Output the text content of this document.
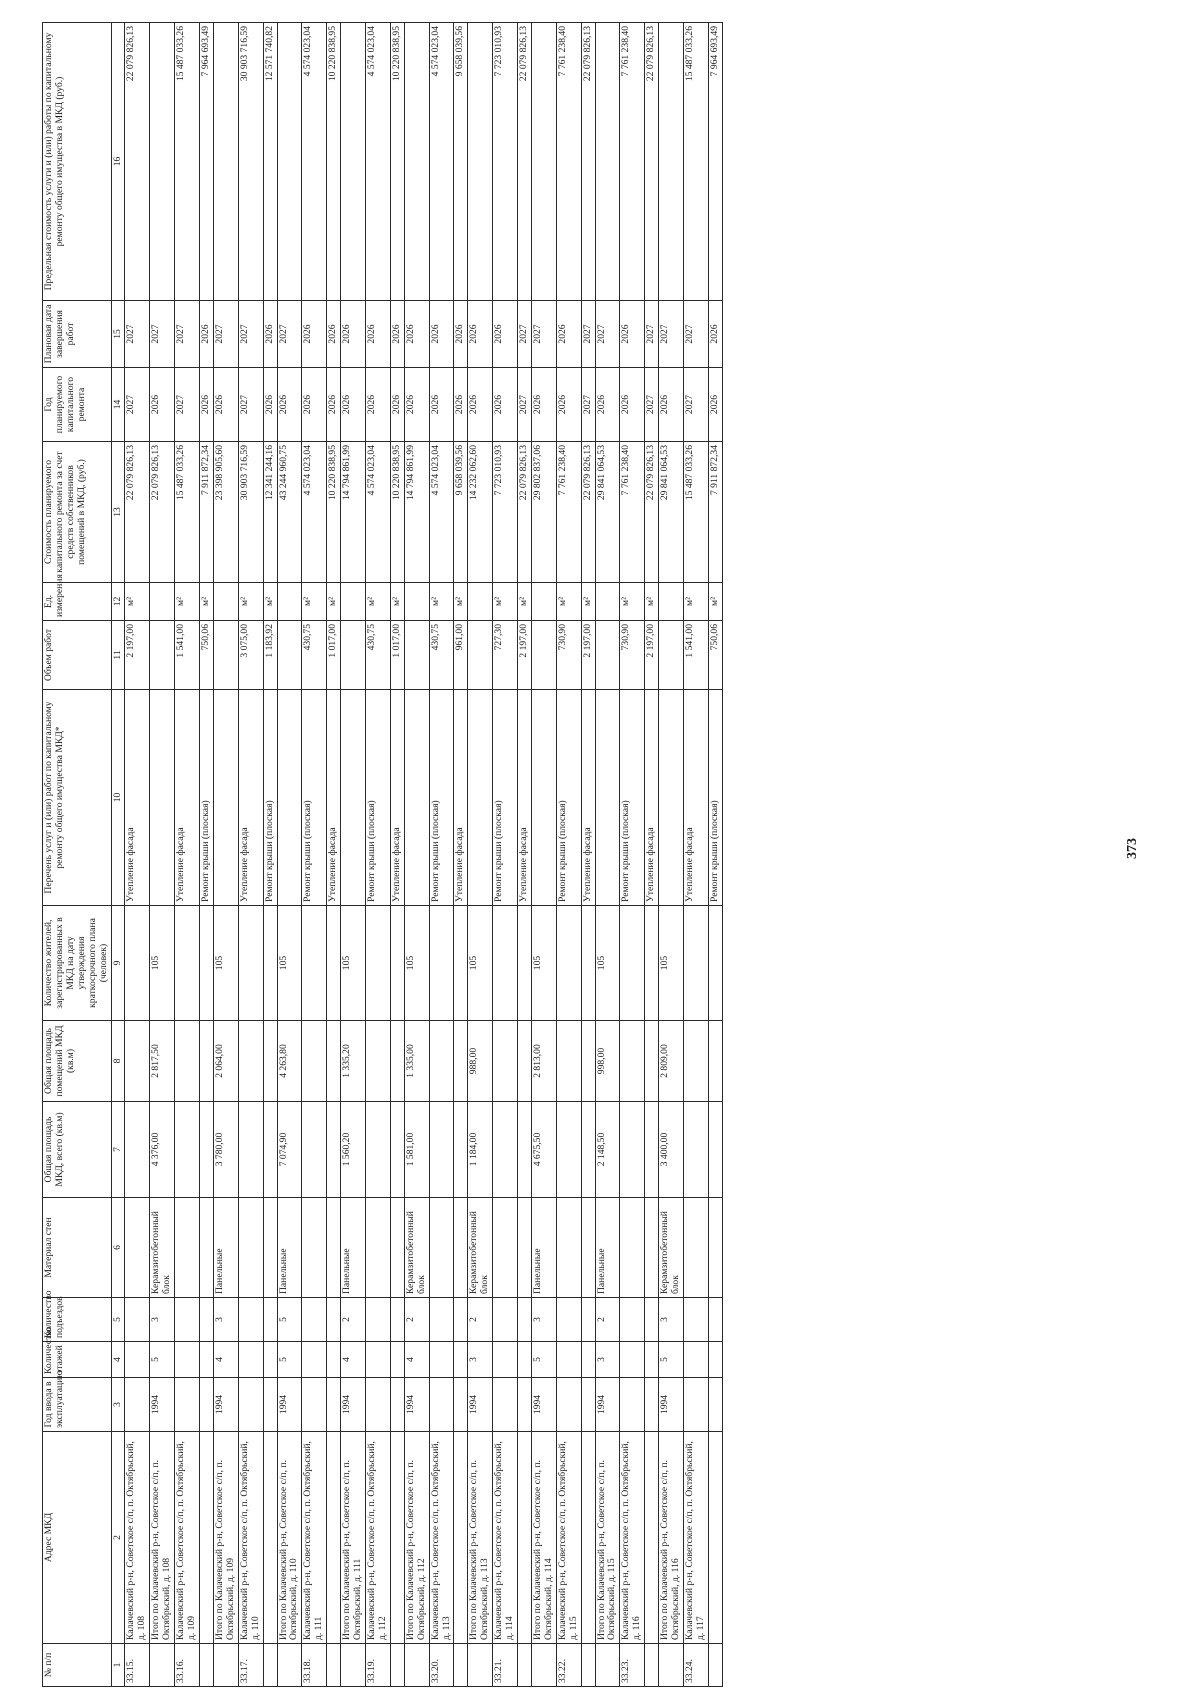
373
№ п/п	Адрес МКД	Год ввода в эксплуатацию	Количество этажей	Количество подъездов	Материал стен	Общая площадь МКД, всего (кв.м)	Общая площадь помещений МКД (кв.м)	Количество жителей, зарегистрированных в МКД на дату утверждения краткосрочного плана (человек)	Перечень услуг и (или) работ по капитальному ремонту общего имущества МКД*	Объем работ	Ед. измерения	Стоимость планируемого капитального ремонта за счет средств собственников помещений в МКД, (руб.)	Год планируемого капитального ремонта	Плановая дата завершения работ	Предельная стоимость услуги и (или) работы по капитальному ремонту общего имущества в МКД (руб.)
1	2	3	4	5	6	7	8	9	10	11	12	13	14	15	16
33.15.	Калачевский р-н, Советское с/п, п. Октябрьский, д. 108								Утепление фасада	2 197,00	м²	22 079 826,13	2027	2027	22 079 826,13
	Итого по Калачевский р-н, Советское с/п, п. Октябрьский, д. 108	1994	5	3	Керамзитобетонный блок	4 376,00	2 817,50	105				22 079 826,13	2026	2027	
33.16.	Калачевский р-н, Советское с/п, п. Октябрьский, д. 109								Утепление фасада	1 541,00	м²	15 487 033,26	2027	2027	15 487 033,26
									Ремонт крыши (плоская)	750,06	м²	7 911 872,34	2026	2026	7 964 693,49
	Итого по Калачевский р-н, Советское с/п, п. Октябрьский, д. 109	1994	4	3	Панельные	3 780,00	2 064,00	105				23 398 905,60	2026	2027	
33.17.	Калачевский р-н, Советское с/п, п. Октябрьский, д. 110								Утепление фасада	3 075,00	м²	30 903 716,59	2027	2027	30 903 716,59
									Ремонт крыши (плоская)	1 183,92	м²	12 341 244,16	2026	2026	12 571 740,82
	Итого по Калачевский р-н, Советское с/п, п. Октябрьский, д. 110	1994	5	5	Панельные	7 074,90	4 263,80	105				43 244 960,75	2026	2027	
33.18.	Калачевский р-н, Советское с/п, п. Октябрьский, д. 111								Ремонт крыши (плоская)	430,75	м²	4 574 023,04	2026	2026	4 574 023,04
									Утепление фасада	1 017,00	м²	10 220 838,95	2026	2026	10 220 838,95
	Итого по Калачевский р-н, Советское с/п, п. Октябрьский, д. 111	1994	4	2	Панельные	1 560,20	1 335,20	105				14 794 861,99	2026	2026	
33.19.	Калачевский р-н, Советское с/п, п. Октябрьский, д. 112								Ремонт крыши (плоская)	430,75	м²	4 574 023,04	2026	2026	4 574 023,04
									Утепление фасада	1 017,00	м²	10 220 838,95	2026	2026	10 220 838,95
	Итого по Калачевский р-н, Советское с/п, п. Октябрьский, д. 112	1994	4	2	Керамзитобетонный блок	1 581,00	1 335,00	105				14 794 861,99	2026	2026	
33.20.	Калачевский р-н, Советское с/п, п. Октябрьский, д. 113								Ремонт крыши (плоская)	430,75	м²	4 574 023,04	2026	2026	4 574 023,04
									Утепление фасада	961,00	м²	9 658 039,56	2026	2026	9 658 039,56
	Итого по Калачевский р-н, Советское с/п, п. Октябрьский, д. 113	1994	3	2	Керамзитобетонный блок	1 184,00	988,00	105				14 232 062,60	2026	2026	
33.21.	Калачевский р-н, Советское с/п, п. Октябрьский, д. 114								Ремонт крыши (плоская)	727,30	м²	7 723 010,93	2026	2026	7 723 010,93
									Утепление фасада	2 197,00	м²	22 079 826,13	2027	2027	22 079 826,13
	Итого по Калачевский р-н, Советское с/п, п. Октябрьский, д. 114	1994	5	3	Панельные	4 675,50	2 813,00	105				29 802 837,06	2026	2027	
33.22.	Калачевский р-н, Советское с/п, п. Октябрьский, д. 115								Ремонт крыши (плоская)	730,90	м²	7 761 238,40	2026	2026	7 761 238,40
									Утепление фасада	2 197,00	м²	22 079 826,13	2027	2027	22 079 826,13
	Итого по Калачевский р-н, Советское с/п, п. Октябрьский, д. 115	1994	3	2	Панельные	2 148,50	998,00	105				29 841 064,53	2026	2027	
33.23.	Калачевский р-н, Советское с/п, п. Октябрьский, д. 116								Ремонт крыши (плоская)	730,90	м²	7 761 238,40	2026	2026	7 761 238,40
									Утепление фасада	2 197,00	м²	22 079 826,13	2027	2027	22 079 826,13
	Итого по Калачевский р-н, Советское с/п, п. Октябрьский, д. 116	1994	5	3	Керамзитобетонный блок	3 400,00	2 809,00	105				29 841 064,53	2026	2027	
33.24.	Калачевский р-н, Советское с/п, п. Октябрьский, д. 117								Утепление фасада	1 541,00	м²	15 487 033,26	2027	2027	15 487 033,26
									Ремонт крыши (плоская)	750,06	м²	7 911 872,34	2026	2026	7 964 693,49
